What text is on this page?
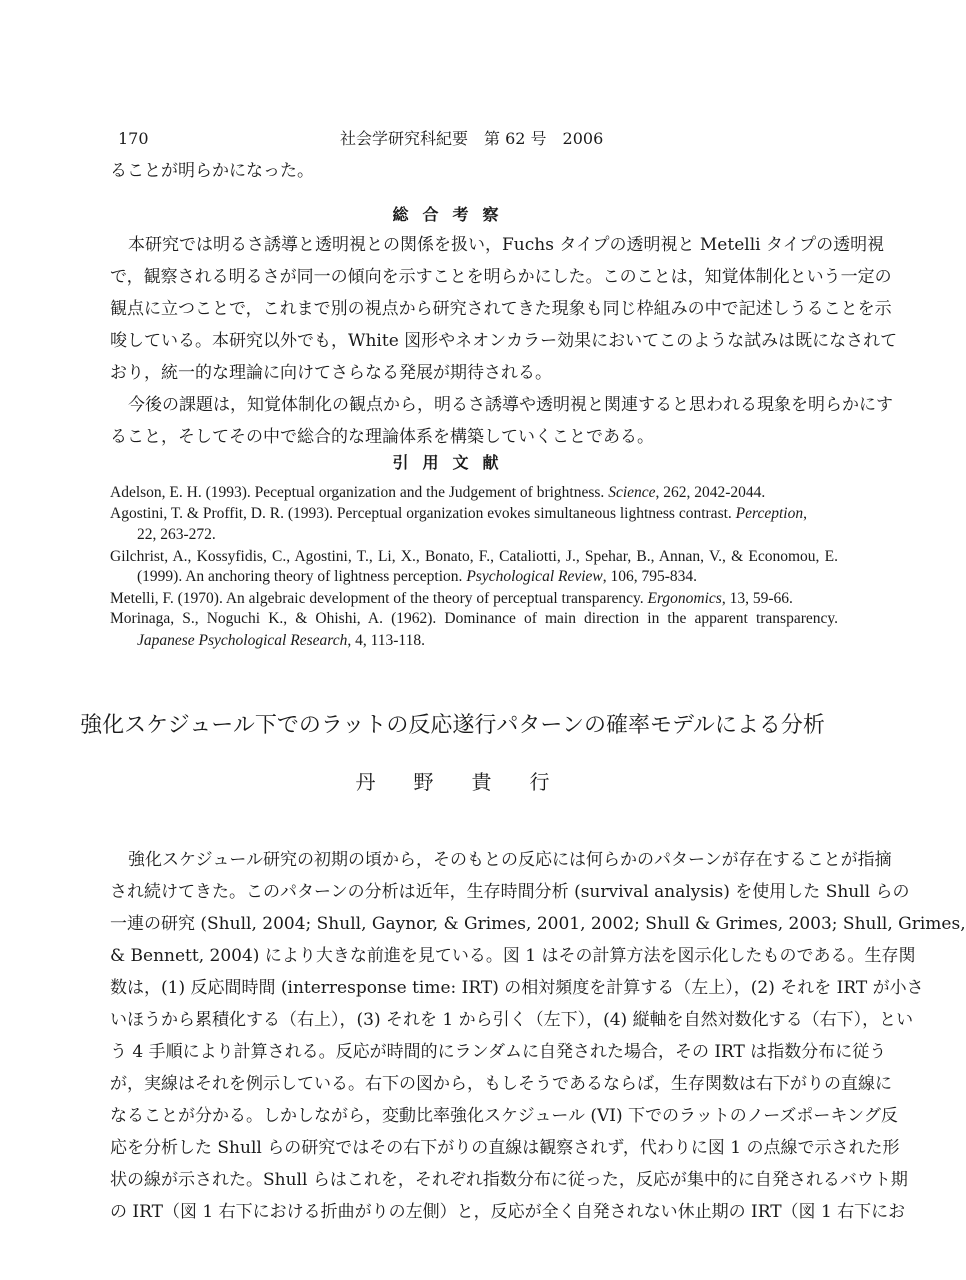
170	社会学研究科紀要　第 62 号　2006
ることが明らかになった。
総合考察
本研究では明るさ誘導と透明視との関係を扱い，Fuchs タイプの透明視と Metelli タイプの透明視
で，観察される明るさが同一の傾向を示すことを明らかにした。このことは，知覚体制化という一定の
観点に立つことで，これまで別の視点から研究されてきた現象も同じ枠組みの中で記述しうることを示
唆している。本研究以外でも，White 図形やネオンカラー効果においてこのような試みは既になされて
おり，統一的な理論に向けてさらなる発展が期待される。
今後の課題は，知覚体制化の観点から，明るさ誘導や透明視と関連すると思われる現象を明らかにす
ること，そしてその中で総合的な理論体系を構築していくことである。
引用文献
Adelson, E. H. (1993). Peceptual organization and the Judgement of brightness. Science, 262, 2042-2044.
Agostini, T. & Proffit, D. R. (1993). Perceptual organization evokes simultaneous lightness contrast. Perception,
22, 263-272.
Gilchrist, A., Kossyfidis, C., Agostini, T., Li, X., Bonato, F., Cataliotti, J., Spehar, B., Annan, V., & Economou, E.
(1999). An anchoring theory of lightness perception. Psychological Review, 106, 795-834.
Metelli, F. (1970). An algebraic development of the theory of perceptual transparency. Ergonomics, 13, 59-66.
Morinaga, S., Noguchi K., & Ohishi, A. (1962). Dominance of main direction in the apparent transparency.
Japanese Psychological Research, 4, 113-118.
強化スケジュール下でのラットの反応遂行パターンの確率モデルによる分析
丹野貴行
強化スケジュール研究の初期の頃から，そのもとの反応には何らかのパターンが存在することが指摘
され続けてきた。このパターンの分析は近年，生存時間分析 (survival analysis) を使用した Shull らの
一連の研究 (Shull, 2004; Shull, Gaynor, & Grimes, 2001, 2002; Shull & Grimes, 2003; Shull, Grimes,
& Bennett, 2004) により大きな前進を見ている。図 1 はその計算方法を図示化したものである。生存関
数は，(1) 反応間時間 (interresponse time: IRT) の相対頻度を計算する（左上），(2) それを IRT が小さ
いほうから累積化する（右上），(3) それを 1 から引く（左下），(4) 縦軸を自然対数化する（右下），とい
う 4 手順により計算される。反応が時間的にランダムに自発された場合，その IRT は指数分布に従う
が，実線はそれを例示している。右下の図から，もしそうであるならば，生存関数は右下がりの直線に
なることが分かる。しかしながら，変動比率強化スケジュール (VI) 下でのラットのノーズポーキング反
応を分析した Shull らの研究ではその右下がりの直線は観察されず，代わりに図 1 の点線で示された形
状の線が示された。Shull らはこれを，それぞれ指数分布に従った，反応が集中的に自発されるバウト期
の IRT（図 1 右下における折曲がりの左側）と，反応が全く自発されない休止期の IRT（図 1 右下にお
